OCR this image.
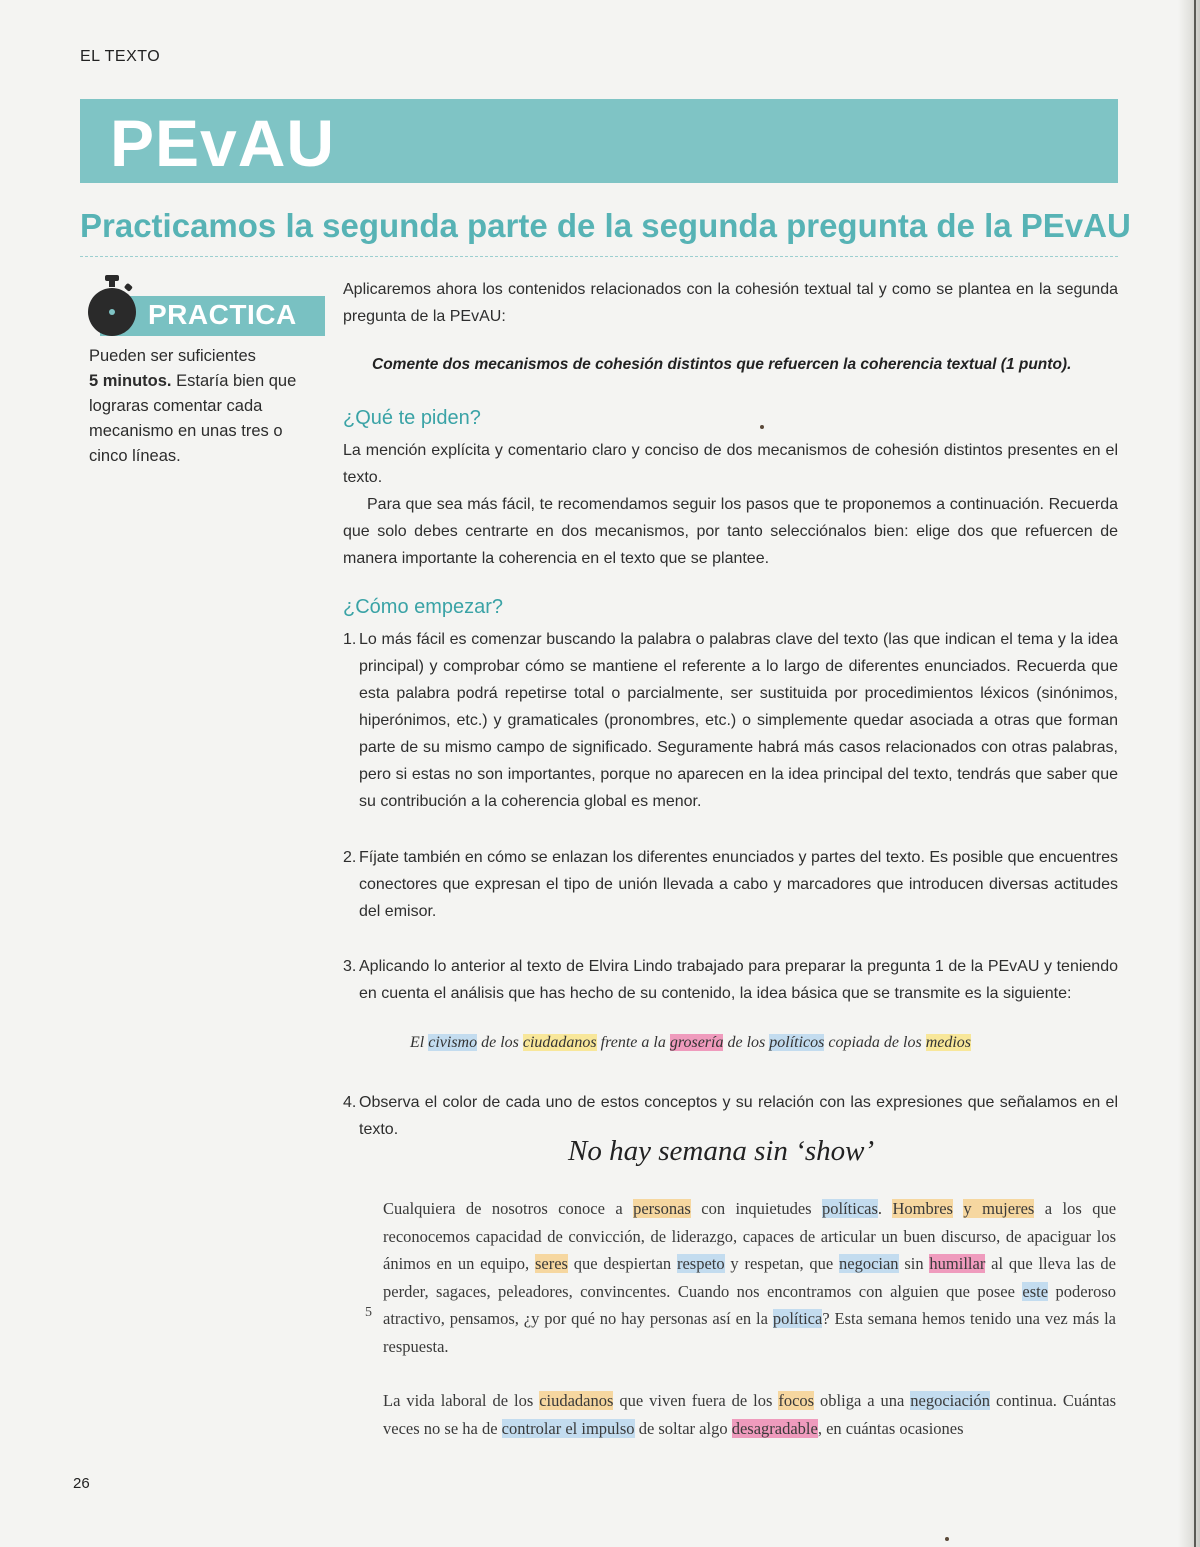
EL TEXTO
PEvAU
Practicamos la segunda parte de la segunda pregunta de la PEvAU
PRACTICA
Pueden ser suficientes
5 minutos. Estaría bien que lograras comentar cada mecanismo en unas tres o cinco líneas.
Aplicaremos ahora los contenidos relacionados con la cohesión textual tal y como se plantea en la segunda pregunta de la PEvAU:
Comente dos mecanismos de cohesión distintos que refuercen la coherencia textual (1 punto).
¿Qué te piden?
La mención explícita y comentario claro y conciso de dos mecanismos de cohesión distintos presentes en el texto.
Para que sea más fácil, te recomendamos seguir los pasos que te proponemos a continuación. Recuerda que solo debes centrarte en dos mecanismos, por tanto selecciónalos bien: elige dos que refuercen de manera importante la coherencia en el texto que se plantee.
¿Cómo empezar?
1. Lo más fácil es comenzar buscando la palabra o palabras clave del texto (las que indican el tema y la idea principal) y comprobar cómo se mantiene el referente a lo largo de diferentes enunciados. Recuerda que esta palabra podrá repetirse total o parcialmente, ser sustituida por procedimientos léxicos (sinónimos, hiperónimos, etc.) y gramaticales (pronombres, etc.) o simplemente quedar asociada a otras que forman parte de su mismo campo de significado. Seguramente habrá más casos relacionados con otras palabras, pero si estas no son importantes, porque no aparecen en la idea principal del texto, tendrás que saber que su contribución a la coherencia global es menor.
2. Fíjate también en cómo se enlazan los diferentes enunciados y partes del texto. Es posible que encuentres conectores que expresan el tipo de unión llevada a cabo y marcadores que introducen diversas actitudes del emisor.
3. Aplicando lo anterior al texto de Elvira Lindo trabajado para preparar la pregunta 1 de la PEvAU y teniendo en cuenta el análisis que has hecho de su contenido, la idea básica que se transmite es la siguiente:
El civismo de los ciudadanos frente a la grosería de los políticos copiada de los medios
4. Observa el color de cada uno de estos conceptos y su relación con las expresiones que señalamos en el texto.
No hay semana sin ‘show’
Cualquiera de nosotros conoce a personas con inquietudes políticas. Hombres y mujeres a los que reconocemos capacidad de convicción, de liderazgo, capaces de articular un buen discurso, de apaciguar los ánimos en un equipo, seres que despiertan respeto y respetan, que negocian sin humillar al que lleva las de perder, sagaces, peleadores, convincentes. Cuando nos encontramos con alguien que posee este poderoso atractivo, pensamos, ¿y por qué no hay personas así en la política? Esta semana hemos tenido una vez más la respuesta.
5
La vida laboral de los ciudadanos que viven fuera de los focos obliga a una negociación continua. Cuántas veces no se ha de controlar el impulso de soltar algo desagradable, en cuántas ocasiones
26
